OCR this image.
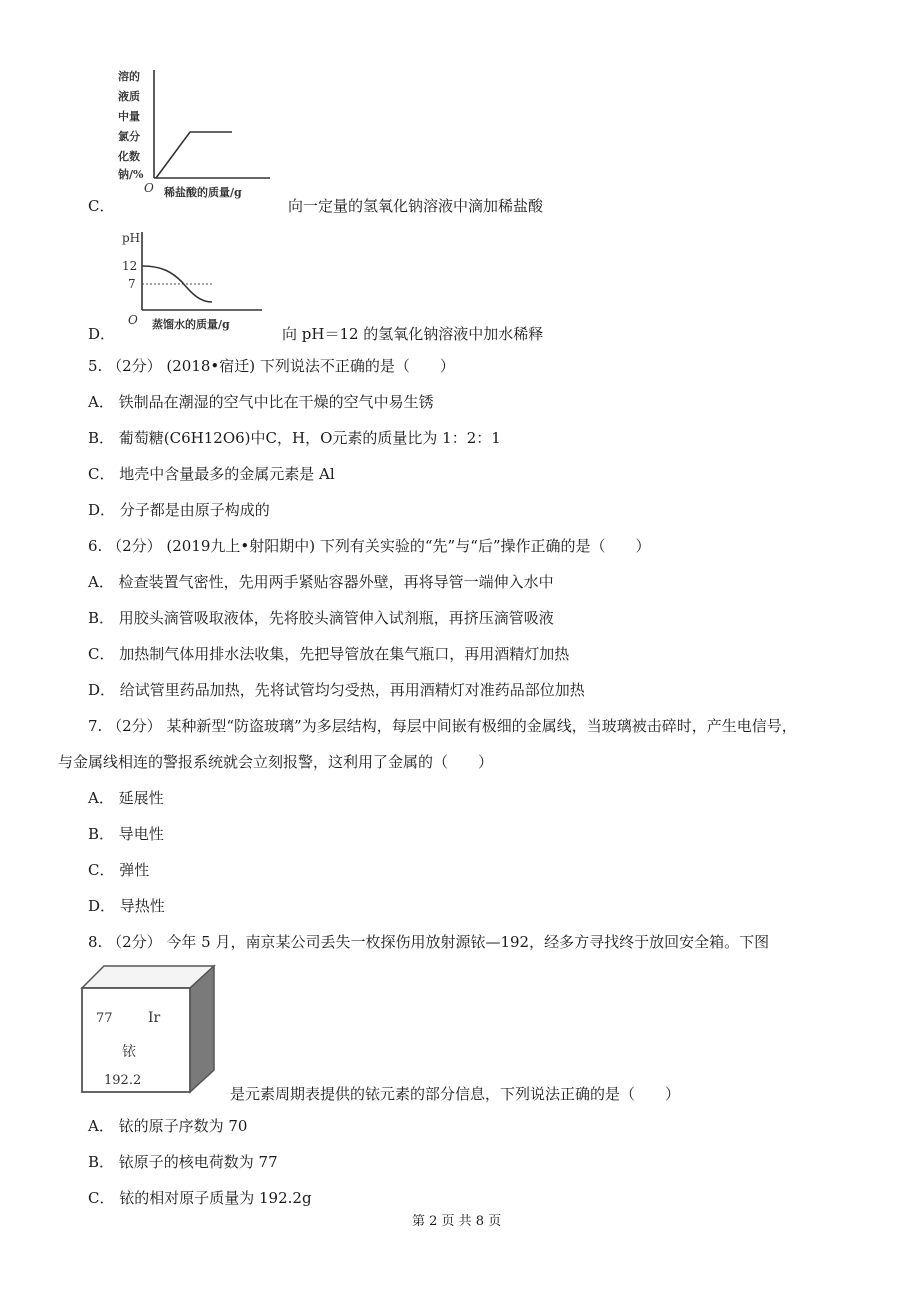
溶的
液质
中量
氯分
化数
钠/%
O 稀盐酸的质量/g
C．	向一定量的氢氧化钠溶液中滴加稀盐酸
pH
12
7
O 蒸馏水的质量/g
D．	向 pH＝12 的氢氧化钠溶液中加水稀释
5. （2分） (2018•宿迁) 下列说法不正确的是（　　）
A． 铁制品在潮湿的空气中比在干燥的空气中易生锈
B． 葡萄糖(C6H12O6)中C，H，O元素的质量比为 1：2：1
C． 地壳中含量最多的金属元素是 Al
D． 分子都是由原子构成的
6. （2分） (2019九上•射阳期中) 下列有关实验的“先”与“后”操作正确的是（　　）
A． 检查装置气密性，先用两手紧贴容器外壁，再将导管一端伸入水中
B． 用胶头滴管吸取液体，先将胶头滴管伸入试剂瓶，再挤压滴管吸液
C． 加热制气体用排水法收集，先把导管放在集气瓶口，再用酒精灯加热
D． 给试管里药品加热，先将试管均匀受热，再用酒精灯对准药品部位加热
7. （2分） 某种新型“防盗玻璃”为多层结构，每层中间嵌有极细的金属线，当玻璃被击碎时，产生电信号，
与金属线相连的警报系统就会立刻报警，这利用了金属的（　　）
A． 延展性
B． 导电性
C． 弹性
D． 导热性
8. （2分） 今年 5 月，南京某公司丢失一枚探伤用放射源铱—192，经多方寻找终于放回安全箱。下图
77	Ir
铱
192.2
是元素周期表提供的铱元素的部分信息，下列说法正确的是（　　）
A． 铱的原子序数为 70
B． 铱原子的核电荷数为 77
C． 铱的相对原子质量为 192.2g
第 2 页 共 8 页
